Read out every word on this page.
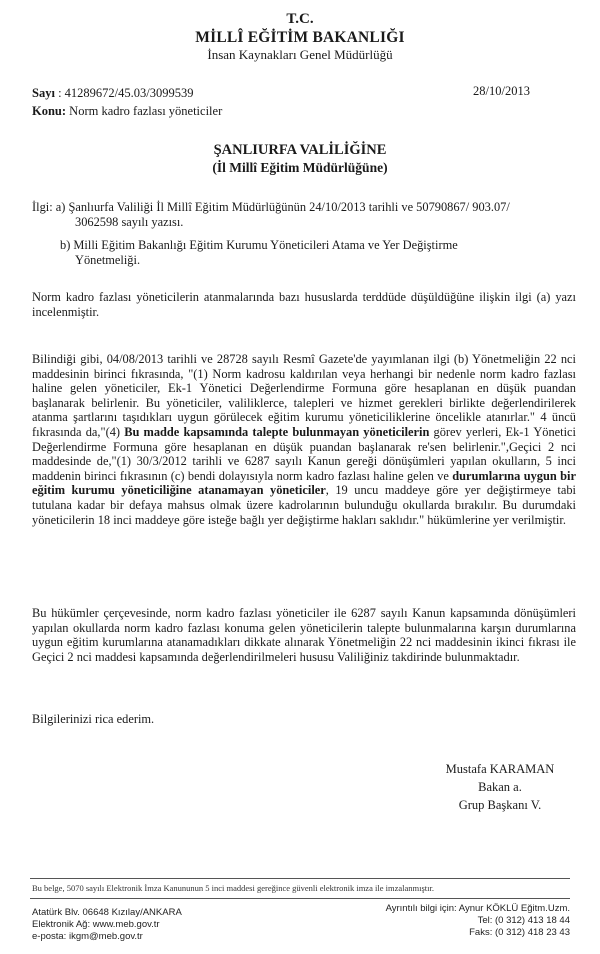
T.C.
MİLLÎ EĞİTİM BAKANLIĞI
İnsan Kaynakları Genel Müdürlüğü
Sayı : 41289672/45.03/3099539
Konu: Norm kadro fazlası yöneticiler
28/10/2013
ŞANLIURFA VALİLİĞİNE
(İl Millî Eğitim Müdürlüğüne)
İlgi: a) Şanlıurfa Valiliği İl Millî Eğitim Müdürlüğünün 24/10/2013 tarihli ve 50790867/ 903.07/
3062598 sayılı yazısı.
b) Milli Eğitim Bakanlığı Eğitim Kurumu Yöneticileri Atama ve Yer Değiştirme
Yönetmeliği.
Norm kadro fazlası yöneticilerin atanmalarında bazı hususlarda terddüde düşüldüğüne ilişkin ilgi (a) yazı incelenmiştir.
Bilindiği gibi, 04/08/2013 tarihli ve 28728 sayılı Resmî Gazete'de yayımlanan ilgi (b) Yönetmeliğin 22 nci maddesinin birinci fıkrasında, "(1) Norm kadrosu kaldırılan veya herhangi bir nedenle norm kadro fazlası haline gelen yöneticiler, Ek-1 Yönetici Değerlendirme Formuna göre hesaplanan en düşük puandan başlanarak belirlenir. Bu yöneticiler, valiliklerce, talepleri ve hizmet gerekleri birlikte değerlendirilerek atanma şartlarını taşıdıkları uygun görülecek eğitim kurumu yöneticiliklerine öncelikle atanırlar." 4 üncü fıkrasında da,"(4) Bu madde kapsamında talepte bulunmayan yöneticilerin görev yerleri, Ek-1 Yönetici Değerlendirme Formuna göre hesaplanan en düşük puandan başlanarak re'sen belirlenir.",Geçici 2 nci maddesinde de,"(1) 30/3/2012 tarihli ve 6287 sayılı Kanun gereği dönüşümleri yapılan okulların, 5 inci maddenin birinci fıkrasının (c) bendi dolayısıyla norm kadro fazlası haline gelen ve durumlarına uygun bir eğitim kurumu yöneticiliğine atanamayan yöneticiler, 19 uncu maddeye göre yer değiştirmeye tabi tutulana kadar bir defaya mahsus olmak üzere kadrolarının bulunduğu okullarda bırakılır. Bu durumdaki yöneticilerin 18 inci maddeye göre isteğe bağlı yer değiştirme hakları saklıdır." hükümlerine yer verilmiştir.
Bu hükümler çerçevesinde, norm kadro fazlası yöneticiler ile 6287 sayılı Kanun kapsamında dönüşümleri yapılan okullarda norm kadro fazlası konuma gelen yöneticilerin talepte bulunmalarına karşın durumlarına uygun eğitim kurumlarına atanamadıkları dikkate alınarak Yönetmeliğin 22 nci maddesinin ikinci fıkrası ile Geçici 2 nci maddesi kapsamında değerlendirilmeleri hususu Valiliğiniz takdirinde bulunmaktadır.
Bilgilerinizi rica ederim.
Mustafa KARAMAN
Bakan a.
Grup Başkanı V.
Bu belge, 5070 sayılı Elektronik İmza Kanununun 5 inci maddesi gereğince güvenli elektronik imza ile imzalanmıştır.
Atatürk Blv. 06648 Kızılay/ANKARA
Elektronik Ağ: www.meb.gov.tr
e-posta: ikgm@meb.gov.tr
Ayrıntılı bilgi için: Aynur KÖKLÜ Eğitm.Uzm.
Tel: (0 312) 413 18 44
Faks: (0 312) 418 23 43
